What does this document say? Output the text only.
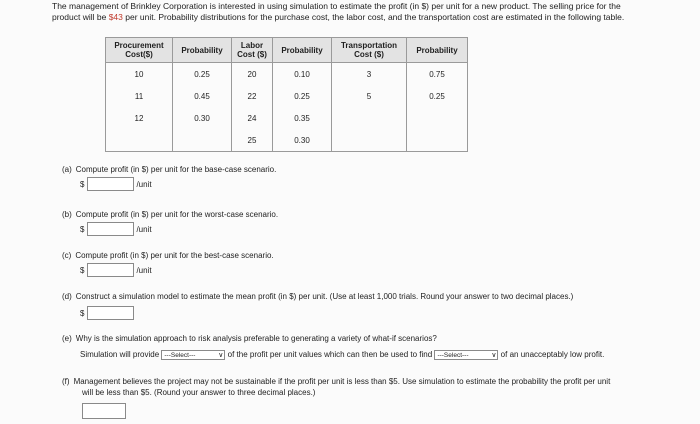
The management of Brinkley Corporation is interested in using simulation to estimate the profit (in $) per unit for a new product. The selling price for the
product will be $43 per unit. Probability distributions for the purchase cost, the labor cost, and the transportation cost are estimated in the following table.
Procurement Cost($)	Probability	Labor Cost ($)	Probability	Transportation Cost ($)	Probability
10	0.25	20	0.10	3	0.75
11	0.45	22	0.25	5	0.25
12	0.30	24	0.35		
		25	0.30		
(a) Compute profit (in $) per unit for the base-case scenario.
$	/unit
(b) Compute profit (in $) per unit for the worst-case scenario.
$	/unit
(c) Compute profit (in $) per unit for the best-case scenario.
$	/unit
(d) Construct a simulation model to estimate the mean profit (in $) per unit. (Use at least 1,000 trials. Round your answer to two decimal places.)
$
(e) Why is the simulation approach to risk analysis preferable to generating a variety of what-if scenarios?
Simulation will provide ---Select---	∨ of the profit per unit values which can then be used to find ---Select---	∨ of an unacceptably low profit.
(f) Management believes the project may not be sustainable if the profit per unit is less than $5. Use simulation to estimate the probability the profit per unit
will be less than $5. (Round your answer to three decimal places.)
